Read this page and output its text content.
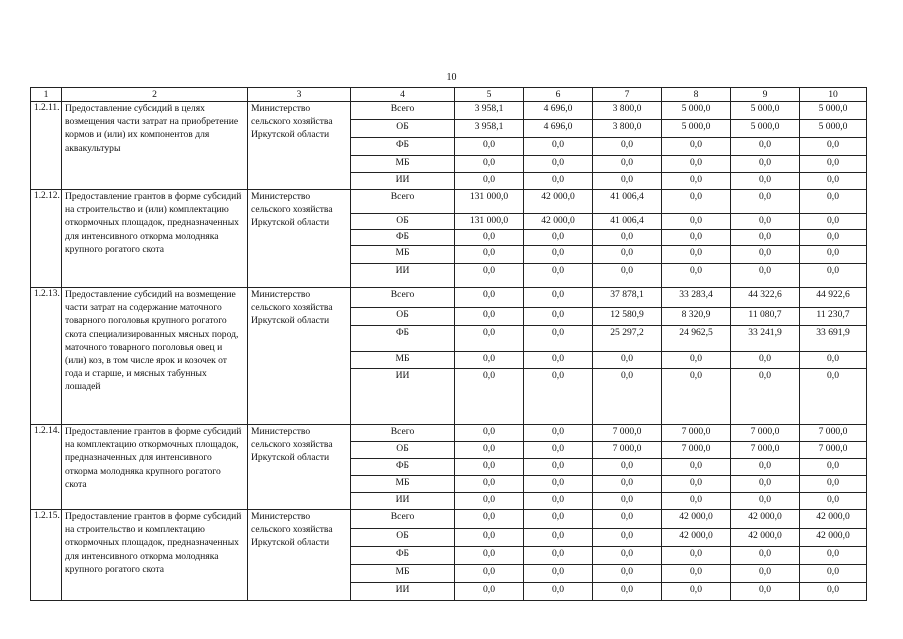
10
1	2	3	4	5	6	7	8	9	10
1.2.11.	Предоставление субсидий в целях возмещения части затрат на приобретение кормов и (или) их компонентов для аквакультуры	Министерство сельского хозяйства Иркутской области	Всего	3 958,1	4 696,0	3 800,0	5 000,0	5 000,0	5 000,0
			ОБ	3 958,1	4 696,0	3 800,0	5 000,0	5 000,0	5 000,0
			ФБ	0,0	0,0	0,0	0,0	0,0	0,0
			МБ	0,0	0,0	0,0	0,0	0,0	0,0
			ИИ	0,0	0,0	0,0	0,0	0,0	0,0
1.2.12.	Предоставление грантов в форме субсидий на строительство и (или) комплектацию откормочных площадок, предназначенных для интенсивного откорма молодняка крупного рогатого скота	Министерство сельского хозяйства Иркутской области	Всего	131 000,0	42 000,0	41 006,4	0,0	0,0	0,0
			ОБ	131 000,0	42 000,0	41 006,4	0,0	0,0	0,0
			ФБ	0,0	0,0	0,0	0,0	0,0	0,0
			МБ	0,0	0,0	0,0	0,0	0,0	0,0
			ИИ	0,0	0,0	0,0	0,0	0,0	0,0
1.2.13.	Предоставление субсидий на возмещение части затрат на содержание маточного товарного поголовья крупного рогатого скота специализированных мясных пород, маточного товарного поголовья овец и (или) коз, в том числе ярок и козочек от года и старше, и мясных табунных лошадей	Министерство сельского хозяйства Иркутской области	Всего	0,0	0,0	37 878,1	33 283,4	44 322,6	44 922,6
			ОБ	0,0	0,0	12 580,9	8 320,9	11 080,7	11 230,7
			ФБ	0,0	0,0	25 297,2	24 962,5	33 241,9	33 691,9
			МБ	0,0	0,0	0,0	0,0	0,0	0,0
			ИИ	0,0	0,0	0,0	0,0	0,0	0,0
1.2.14.	Предоставление грантов в форме субсидий на комплектацию откормочных площадок, предназначенных для интенсивного откорма молодняка крупного рогатого скота	Министерство сельского хозяйства Иркутской области	Всего	0,0	0,0	7 000,0	7 000,0	7 000,0	7 000,0
			ОБ	0,0	0,0	7 000,0	7 000,0	7 000,0	7 000,0
			ФБ	0,0	0,0	0,0	0,0	0,0	0,0
			МБ	0,0	0,0	0,0	0,0	0,0	0,0
			ИИ	0,0	0,0	0,0	0,0	0,0	0,0
1.2.15.	Предоставление грантов в форме субсидий на строительство и комплектацию откормочных площадок, предназначенных для интенсивного откорма молодняка крупного рогатого скота	Министерство сельского хозяйства Иркутской области	Всего	0,0	0,0	0,0	42 000,0	42 000,0	42 000,0
			ОБ	0,0	0,0	0,0	42 000,0	42 000,0	42 000,0
			ФБ	0,0	0,0	0,0	0,0	0,0	0,0
			МБ	0,0	0,0	0,0	0,0	0,0	0,0
			ИИ	0,0	0,0	0,0	0,0	0,0	0,0
